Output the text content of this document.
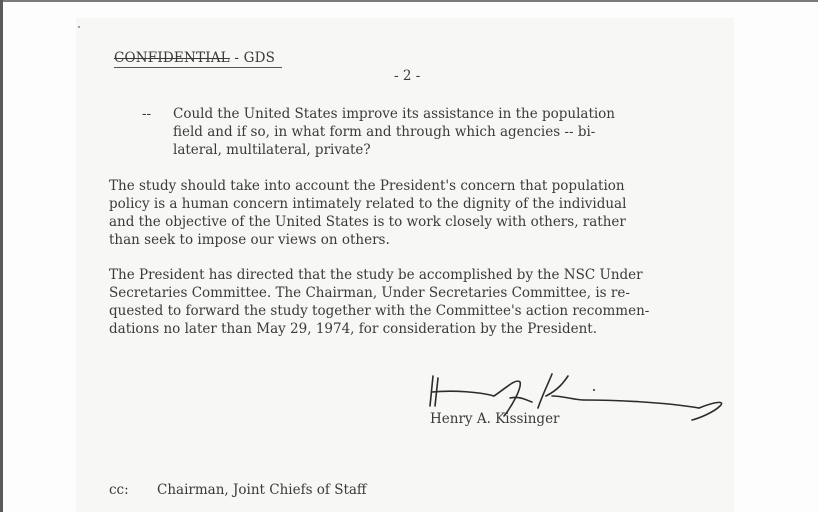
CONFIDENTIAL - GDS
- 2 -
-- Could the United States improve its assistance in the population
field and if so, in what form and through which agencies -- bi-
lateral, multilateral, private?
The study should take into account the President's concern that population
policy is a human concern intimately related to the dignity of the individual
and the objective of the United States is to work closely with others, rather
than seek to impose our views on others.
The President has directed that the study be accomplished by the NSC Under
Secretaries Committee. The Chairman, Under Secretaries Committee, is re-
quested to forward the study together with the Committee's action recommen-
dations no later than May 29, 1974, for consideration by the President.
Henry A. Kissinger
cc: Chairman, Joint Chiefs of Staff
